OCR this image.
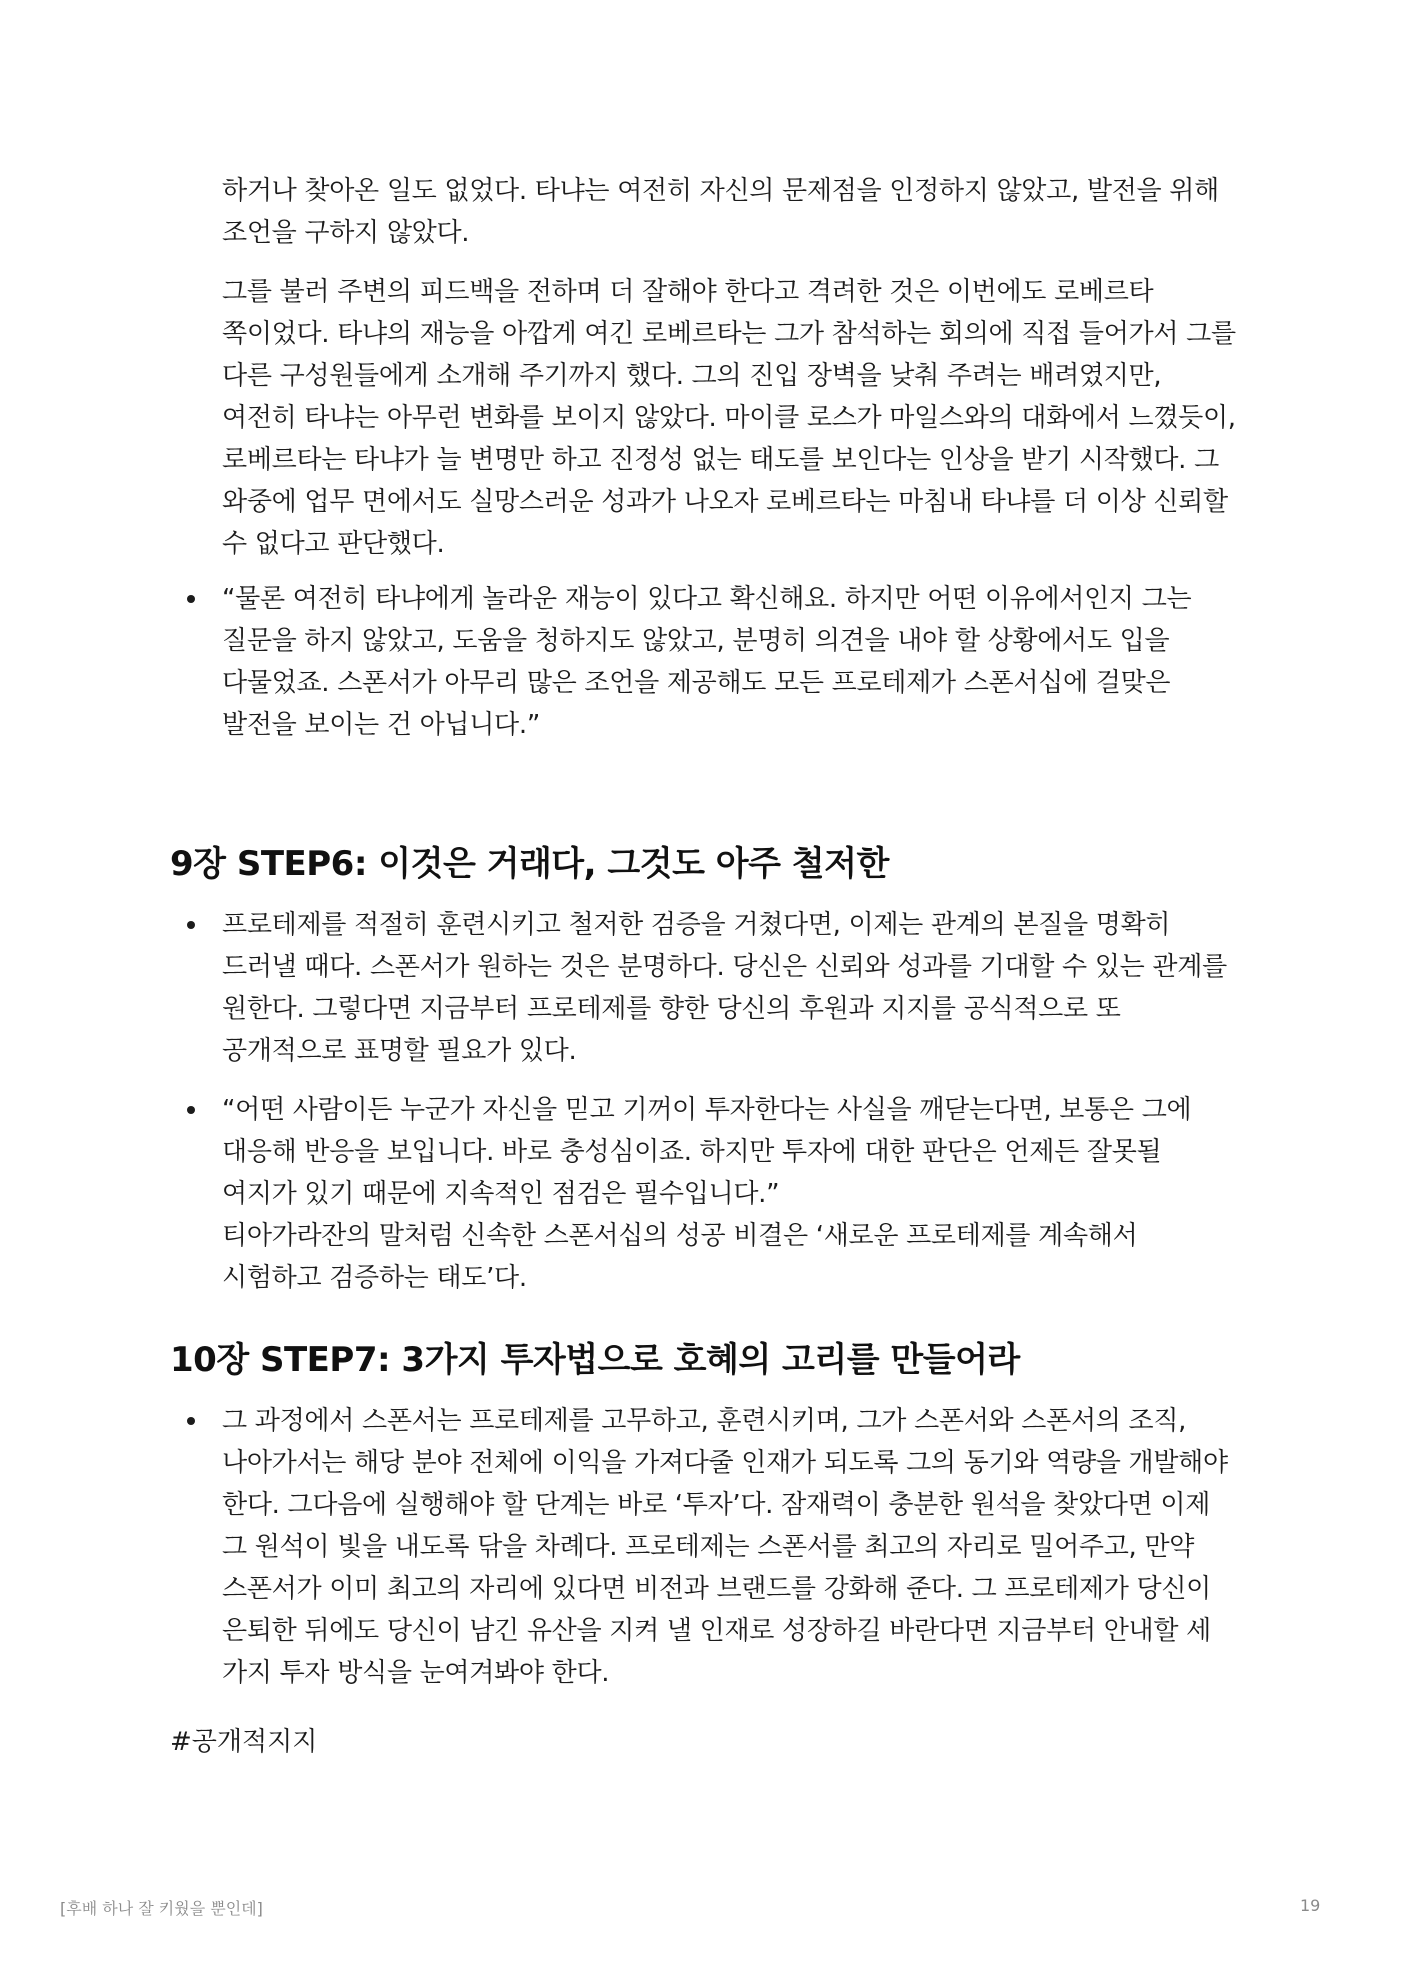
하거나 찾아온 일도 없었다. 타냐는 여전히 자신의 문제점을 인정하지 않았고, 발전을 위해 조언을 구하지 않았다.

그를 불러 주변의 피드백을 전하며 더 잘해야 한다고 격려한 것은 이번에도 로베르타 쪽이었다. 타냐의 재능을 아깝게 여긴 로베르타는 그가 참석하는 회의에 직접 들어가서 그를 다른 구성원들에게 소개해 주기까지 했다. 그의 진입 장벽을 낮춰 주려는 배려였지만, 여전히 타냐는 아무런 변화를 보이지 않았다. 마이클 로스가 마일스와의 대화에서 느꼈듯이, 로베르타는 타냐가 늘 변명만 하고 진정성 없는 태도를 보인다는 인상을 받기 시작했다. 그 와중에 업무 면에서도 실망스러운 성과가 나오자 로베르타는 마침내 타냐를 더 이상 신뢰할 수 없다고 판단했다.

“물론 여전히 타냐에게 놀라운 재능이 있다고 확신해요. 하지만 어떤 이유에서인지 그는 질문을 하지 않았고, 도움을 청하지도 않았고, 분명히 의견을 내야 할 상황에서도 입을 다물었죠. 스폰서가 아무리 많은 조언을 제공해도 모든 프로테제가 스폰서십에 걸맞은 발전을 보이는 건 아닙니다.”

9장 STEP6: 이것은 거래다, 그것도 아주 철저한

프로테제를 적절히 훈련시키고 철저한 검증을 거쳤다면, 이제는 관계의 본질을 명확히 드러낼 때다. 스폰서가 원하는 것은 분명하다. 당신은 신뢰와 성과를 기대할 수 있는 관계를 원한다. 그렇다면 지금부터 프로테제를 향한 당신의 후원과 지지를 공식적으로 또 공개적으로 표명할 필요가 있다.

“어떤 사람이든 누군가 자신을 믿고 기꺼이 투자한다는 사실을 깨닫는다면, 보통은 그에 대응해 반응을 보입니다. 바로 충성심이죠. 하지만 투자에 대한 판단은 언제든 잘못될 여지가 있기 때문에 지속적인 점검은 필수입니다.”

티아가라잔의 말처럼 신속한 스폰서십의 성공 비결은 ‘새로운 프로테제를 계속해서 시험하고 검증하는 태도’다.

10장 STEP7: 3가지 투자법으로 호혜의 고리를 만들어라

그 과정에서 스폰서는 프로테제를 고무하고, 훈련시키며, 그가 스폰서와 스폰서의 조직, 나아가서는 해당 분야 전체에 이익을 가져다줄 인재가 되도록 그의 동기와 역량을 개발해야 한다. 그다음에 실행해야 할 단계는 바로 ‘투자’다. 잠재력이 충분한 원석을 찾았다면 이제 그 원석이 빛을 내도록 닦을 차례다. 프로테제는 스폰서를 최고의 자리로 밀어주고, 만약 스폰서가 이미 최고의 자리에 있다면 비전과 브랜드를 강화해 준다. 그 프로테제가 당신이 은퇴한 뒤에도 당신이 남긴 유산을 지켜 낼 인재로 성장하길 바란다면 지금부터 안내할 세 가지 투자 방식을 눈여겨봐야 한다.

#공개적지지

[후배 하나 잘 키웠을 뿐인데]	19
